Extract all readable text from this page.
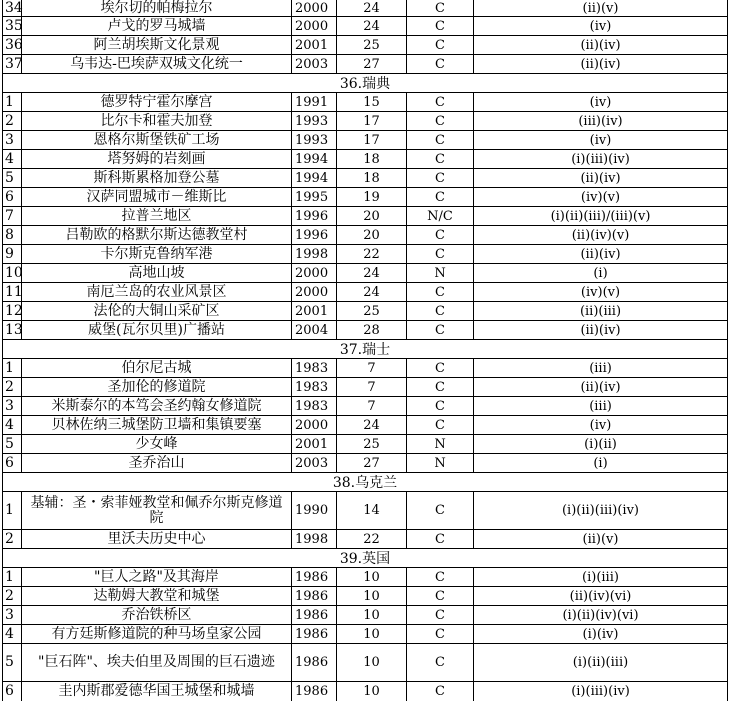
34	埃尔切的帕梅拉尔	2000	24	C	(ii)(v)
35	卢戈的罗马城墙	2000	24	C	(iv)
36	阿兰胡埃斯文化景观	2001	25	C	(ii)(iv)
37	乌韦达-巴埃萨双城文化统一	2003	27	C	(ii)(iv)
36.瑞典
1	德罗特宁霍尔摩宫	1991	15	C	(iv)
2	比尔卡和霍夫加登	1993	17	C	(iii)(iv)
3	恩格尔斯堡铁矿工场	1993	17	C	(iv)
4	塔努姆的岩刻画	1994	18	C	(i)(iii)(iv)
5	斯科斯累格加登公墓	1994	18	C	(ii)(iv)
6	汉萨同盟城市－维斯比	1995	19	C	(iv)(v)
7	拉普兰地区	1996	20	N/C	(i)(ii)(iii)/(iii)(v)
8	吕勒欧的格默尔斯达德教堂村	1996	20	C	(ii)(iv)(v)
9	卡尔斯克鲁纳军港	1998	22	C	(ii)(iv)
10	高地山坡	2000	24	N	(i)
11	南厄兰岛的农业风景区	2000	24	C	(iv)(v)
12	法伦的大铜山采矿区	2001	25	C	(ii)(iii)
13	威堡(瓦尔贝里)广播站	2004	28	C	(ii)(iv)
37.瑞士
1	伯尔尼古城	1983	7	C	(iii)
2	圣加伦的修道院	1983	7	C	(ii)(iv)
3	米斯泰尔的本笃会圣约翰女修道院	1983	7	C	(iii)
4	贝林佐纳三城堡防卫墙和集镇要塞	2000	24	C	(iv)
5	少女峰	2001	25	N	(i)(ii)
6	圣乔治山	2003	27	N	(i)
38.乌克兰
1	基辅：圣・索菲娅教堂和佩乔尔斯克修道院	1990	14	C	(i)(ii)(iii)(iv)
2	里沃夫历史中心	1998	22	C	(ii)(v)
39.英国
1	"巨人之路"及其海岸	1986	10	C	(i)(iii)
2	达勒姆大教堂和城堡	1986	10	C	(ii)(iv)(vi)
3	乔治铁桥区	1986	10	C	(i)(ii)(iv)(vi)
4	有方廷斯修道院的种马场皇家公园	1986	10	C	(i)(iv)
5	"巨石阵"、埃夫伯里及周围的巨石遗迹	1986	10	C	(i)(ii)(iii)
6	圭内斯郡爱德华国王城堡和城墙	1986	10	C	(i)(iii)(iv)
